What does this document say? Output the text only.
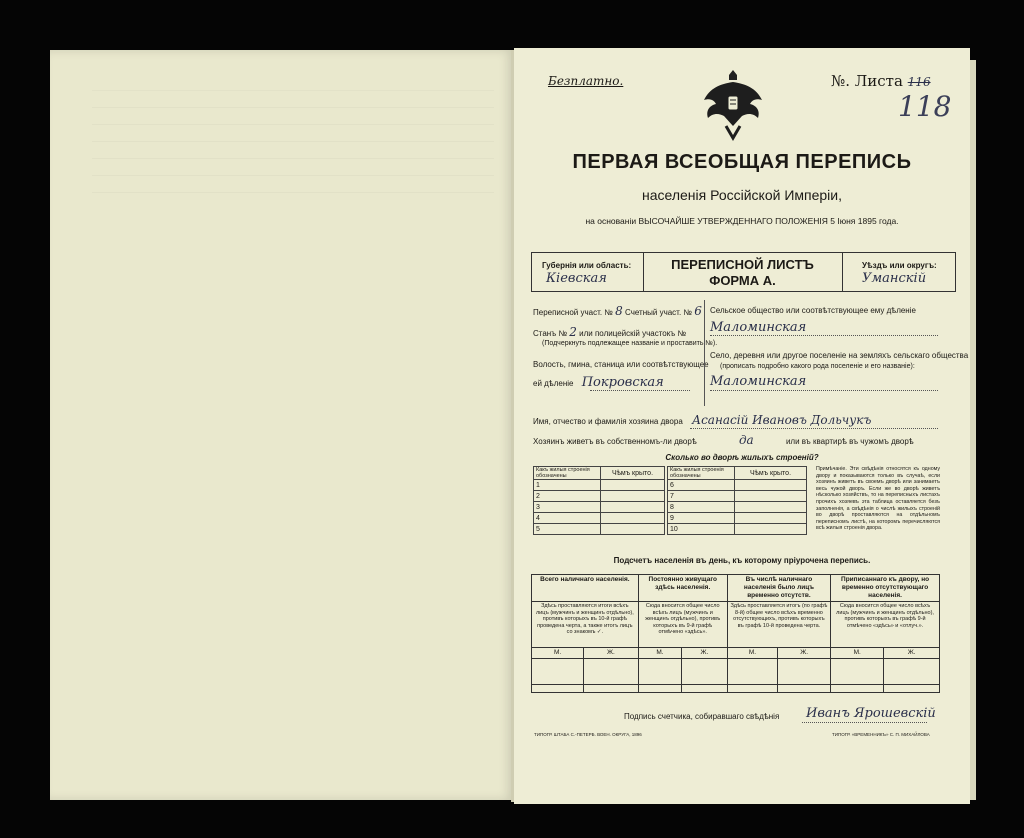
Безплатно.	№. Листа 116
118
ПЕРВАЯ ВСЕОБЩАЯ ПЕРЕПИСЬ
населенія Россійской Имперіи,
на основаніи ВЫСОЧАЙШЕ УТВЕРЖДЕННАГО ПОЛОЖЕНІЯ 5 Іюня 1895 года.
Губернія или область:
Кіевская
ПЕРЕПИСНОЙ ЛИСТЪ
ФОРМА А.
Уѣздъ или округъ:
Уманскій
Переписной участ. № 8 Счетный участ. № 6
Станъ № 2 или полицейскій участокъ №
(Подчеркнуть подлежащее названіе и проставить №).
Волость, гмина, станица или соотвѣтствующее
ей дѣленіе Покровская
Сельское общество или соотвѣтствующее ему дѣленіе
Маломинская
Село, деревня или другое поселеніе на земляхъ сельскаго общества
(прописать подробно какого рода поселеніе и его названіе):
Маломинская
Имя, отчество и фамилія хозяина двора Асанасій Ивановъ Дольчукъ
Хозяинъ живетъ въ собственномъ-ли дворѣ	да	или въ квартирѣ въ чужомъ дворѣ
Сколько во дворѣ жилыхъ строеній?
Какъ жилыя строенія обозначены	Чѣмъ крыто.
1	
2	
3	
4	
5	
Какъ жилыя строенія обозначены	Чѣмъ крыто.
6	
7	
8	
9	
10	
Примѣчаніе. Эти свѣдѣнія относятся къ одному двору и показываются только въ случаѣ, если хозяинъ живетъ въ своемъ дворѣ или занимаетъ весь чужой дворъ. Если же во дворѣ живетъ нѣсколько хозяйствъ, то на переписныхъ листахъ прочихъ хозяевъ эта таблица оставляется безъ заполненія, а свѣдѣнія о числѣ жилыхъ строеній во дворѣ проставляются на отдѣльномъ переписномъ листѣ, на которомъ перечисляются всѣ жилыя строенія двора.
Подсчетъ населенія въ день, къ которому пріурочена перепись.
Всего наличнаго населенія.		Постоянно живущаго здѣсь населенія.		Въ числѣ наличнаго населенія было лицъ временно отсутств.		Приписаннаго къ двору, но временно отсутствующаго населенія.	
Здѣсь проставляются итоги всѣхъ лицъ (мужчинъ и женщинъ отдѣльно), противъ которыхъ въ 10-й графѣ проведена черта, а также итогъ лицъ со знакомъ ✓.		Сюда вносится общее число всѣхъ лицъ (мужчинъ и женщинъ отдѣльно), противъ которыхъ въ 9-й графѣ отмѣчено «здѣсь».		Здѣсь проставляется итогъ (по графѣ 8-й) общее число всѣхъ временно отсутствующихъ, противъ которыхъ въ графѣ 10-й проведена черта.		Сюда вносится общее число всѣхъ лицъ (мужчинъ и женщинъ отдѣльно), противъ которыхъ въ графѣ 9-й отмѣчено «здѣсь» и «отлуч.».	
М.	Ж.	М.	Ж.	М.	Ж.	М.	Ж.

Подпись счетчика, собиравшаго свѣдѣнія Иванъ Ярошевскій
ТИПОГР. ШТАБА С.-ПЕТЕРБ. ВОЕН. ОКРУГА, 1896	ТИПОГР. «ВРЕМЕННИКЪ» С. П. МИХАЙЛОВА
